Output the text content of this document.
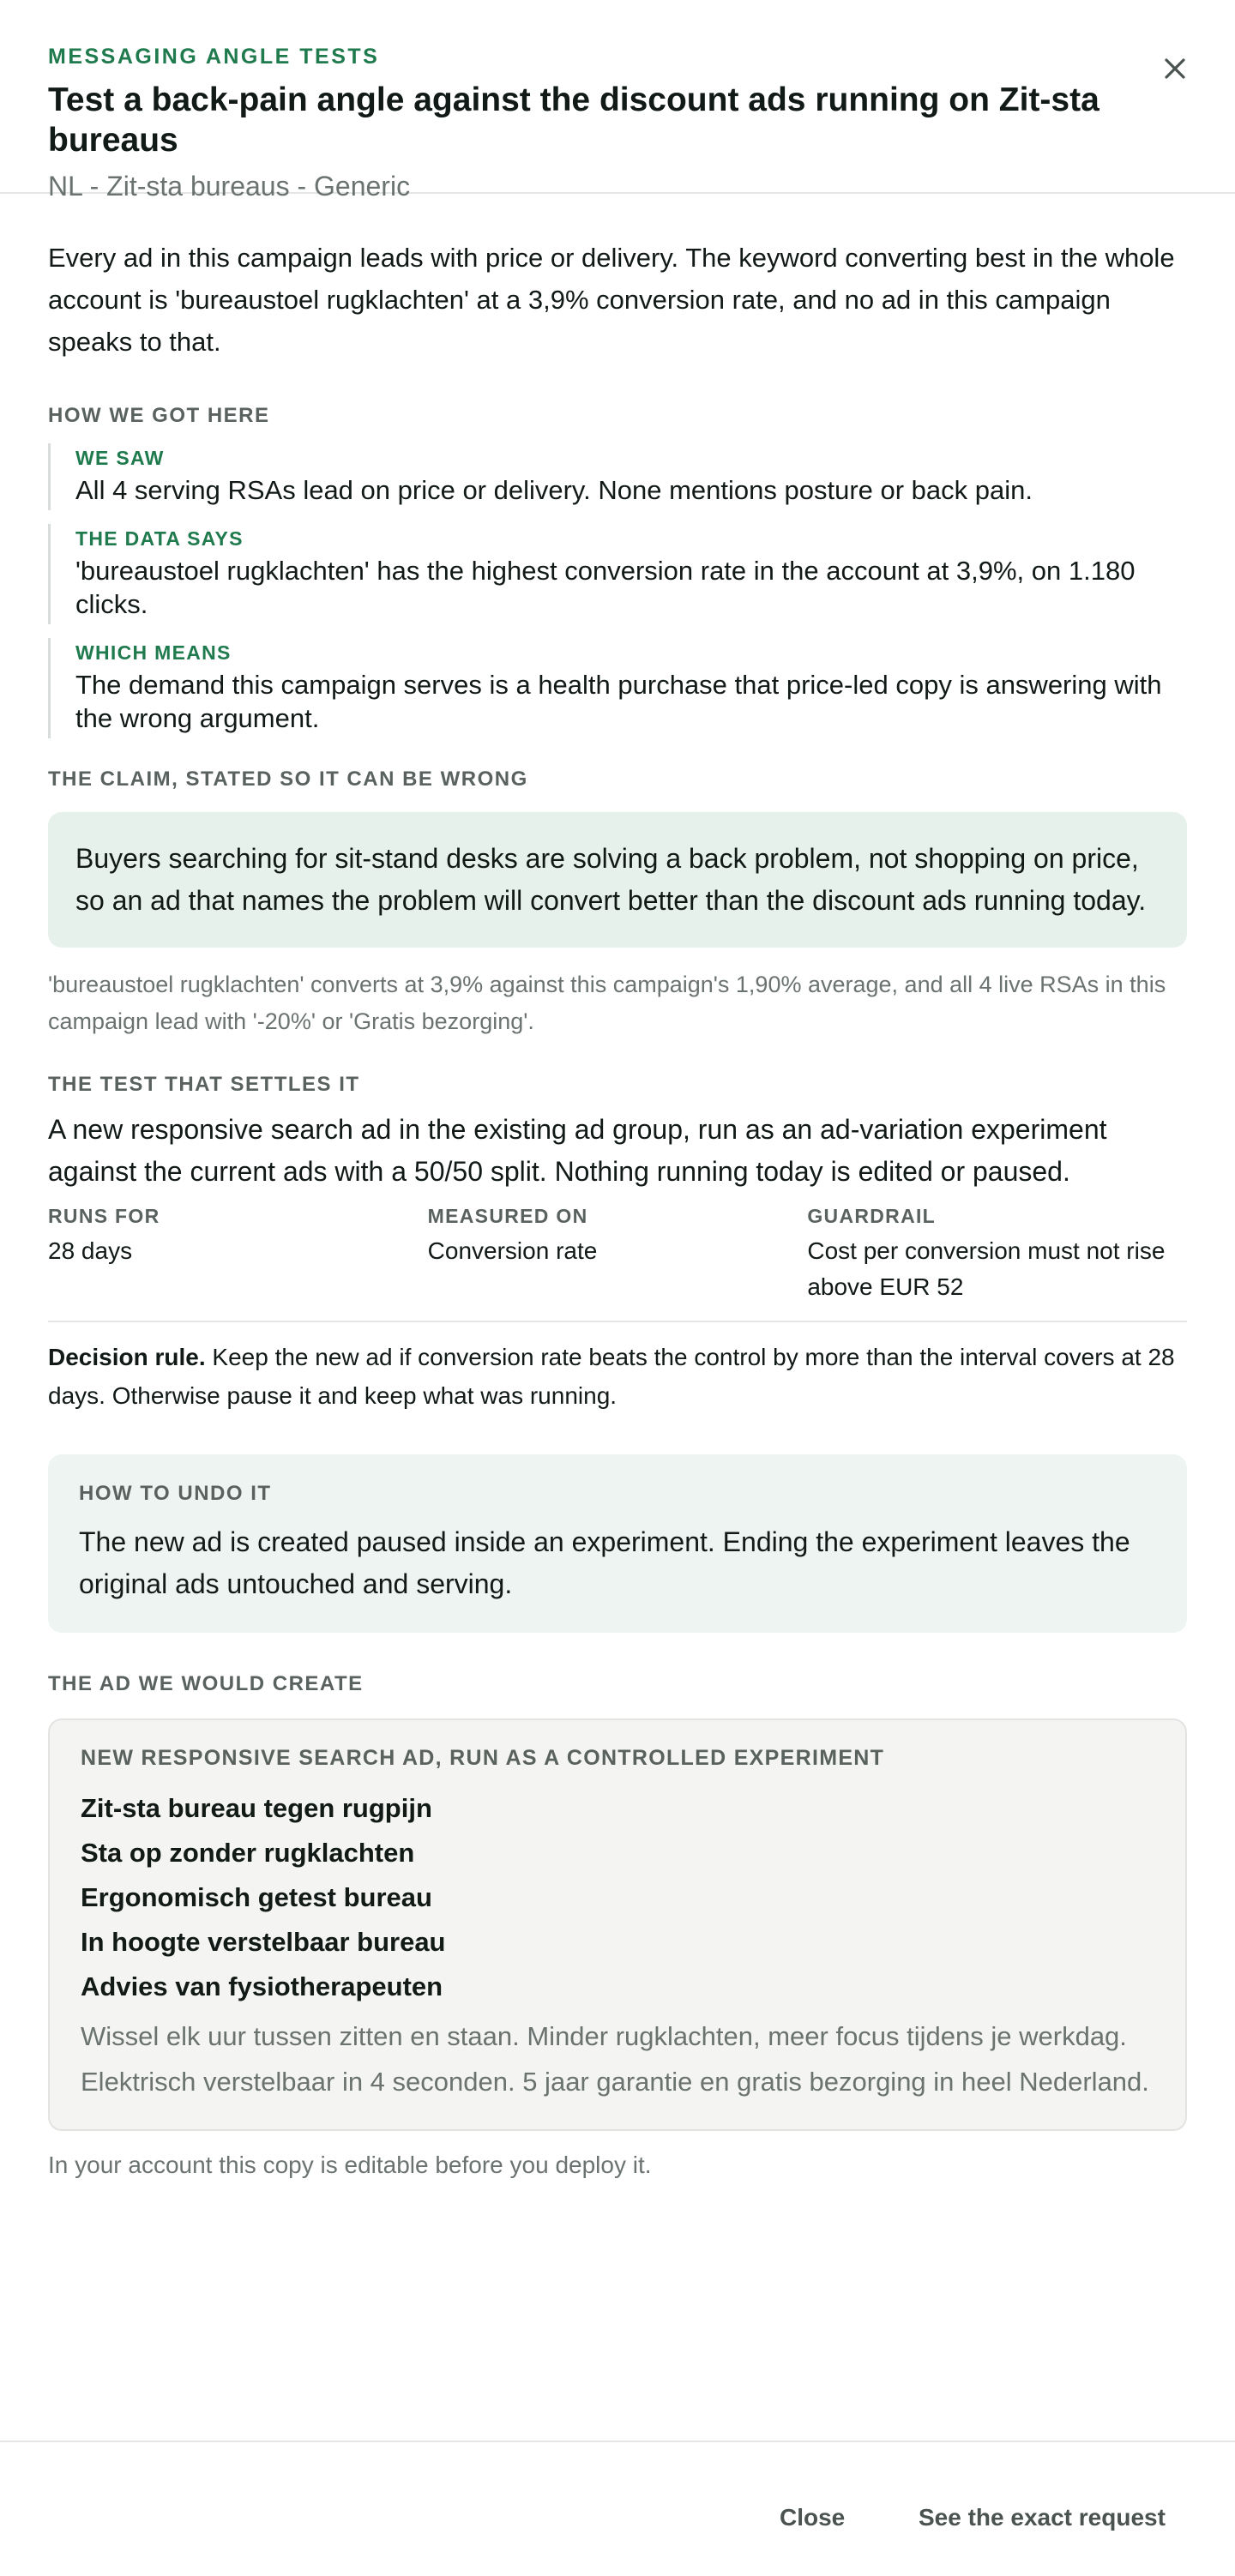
MESSAGING ANGLE TESTS
Test a back-pain angle against the discount ads running on Zit-sta bureaus
NL - Zit-sta bureaus - Generic

Every ad in this campaign leads with price or delivery. The keyword converting best in the whole account is 'bureaustoel rugklachten' at a 3,9% conversion rate, and no ad in this campaign speaks to that.

HOW WE GOT HERE
WE SAW
All 4 serving RSAs lead on price or delivery. None mentions posture or back pain.
THE DATA SAYS
'bureaustoel rugklachten' has the highest conversion rate in the account at 3,9%, on 1.180 clicks.
WHICH MEANS
The demand this campaign serves is a health purchase that price-led copy is answering with the wrong argument.
THE CLAIM, STATED SO IT CAN BE WRONG
Buyers searching for sit-stand desks are solving a back problem, not shopping on price, so an ad that names the problem will convert better than the discount ads running today.
'bureaustoel rugklachten' converts at 3,9% against this campaign's 1,90% average, and all 4 live RSAs in this campaign lead with '-20%' or 'Gratis bezorging'.
THE TEST THAT SETTLES IT
A new responsive search ad in the existing ad group, run as an ad-variation experiment against the current ads with a 50/50 split. Nothing running today is edited or paused.
RUNS FOR
28 days
MEASURED ON
Conversion rate
GUARDRAIL
Cost per conversion must not rise above EUR 52
Decision rule. Keep the new ad if conversion rate beats the control by more than the interval covers at 28 days. Otherwise pause it and keep what was running.
HOW TO UNDO IT
The new ad is created paused inside an experiment. Ending the experiment leaves the original ads untouched and serving.
THE AD WE WOULD CREATE
NEW RESPONSIVE SEARCH AD, RUN AS A CONTROLLED EXPERIMENT
Zit-sta bureau tegen rugpijn
Sta op zonder rugklachten
Ergonomisch getest bureau
In hoogte verstelbaar bureau
Advies van fysiotherapeuten
Wissel elk uur tussen zitten en staan. Minder rugklachten, meer focus tijdens je werkdag.
Elektrisch verstelbaar in 4 seconden. 5 jaar garantie en gratis bezorging in heel Nederland.
In your account this copy is editable before you deploy it.
Close	See the exact request
